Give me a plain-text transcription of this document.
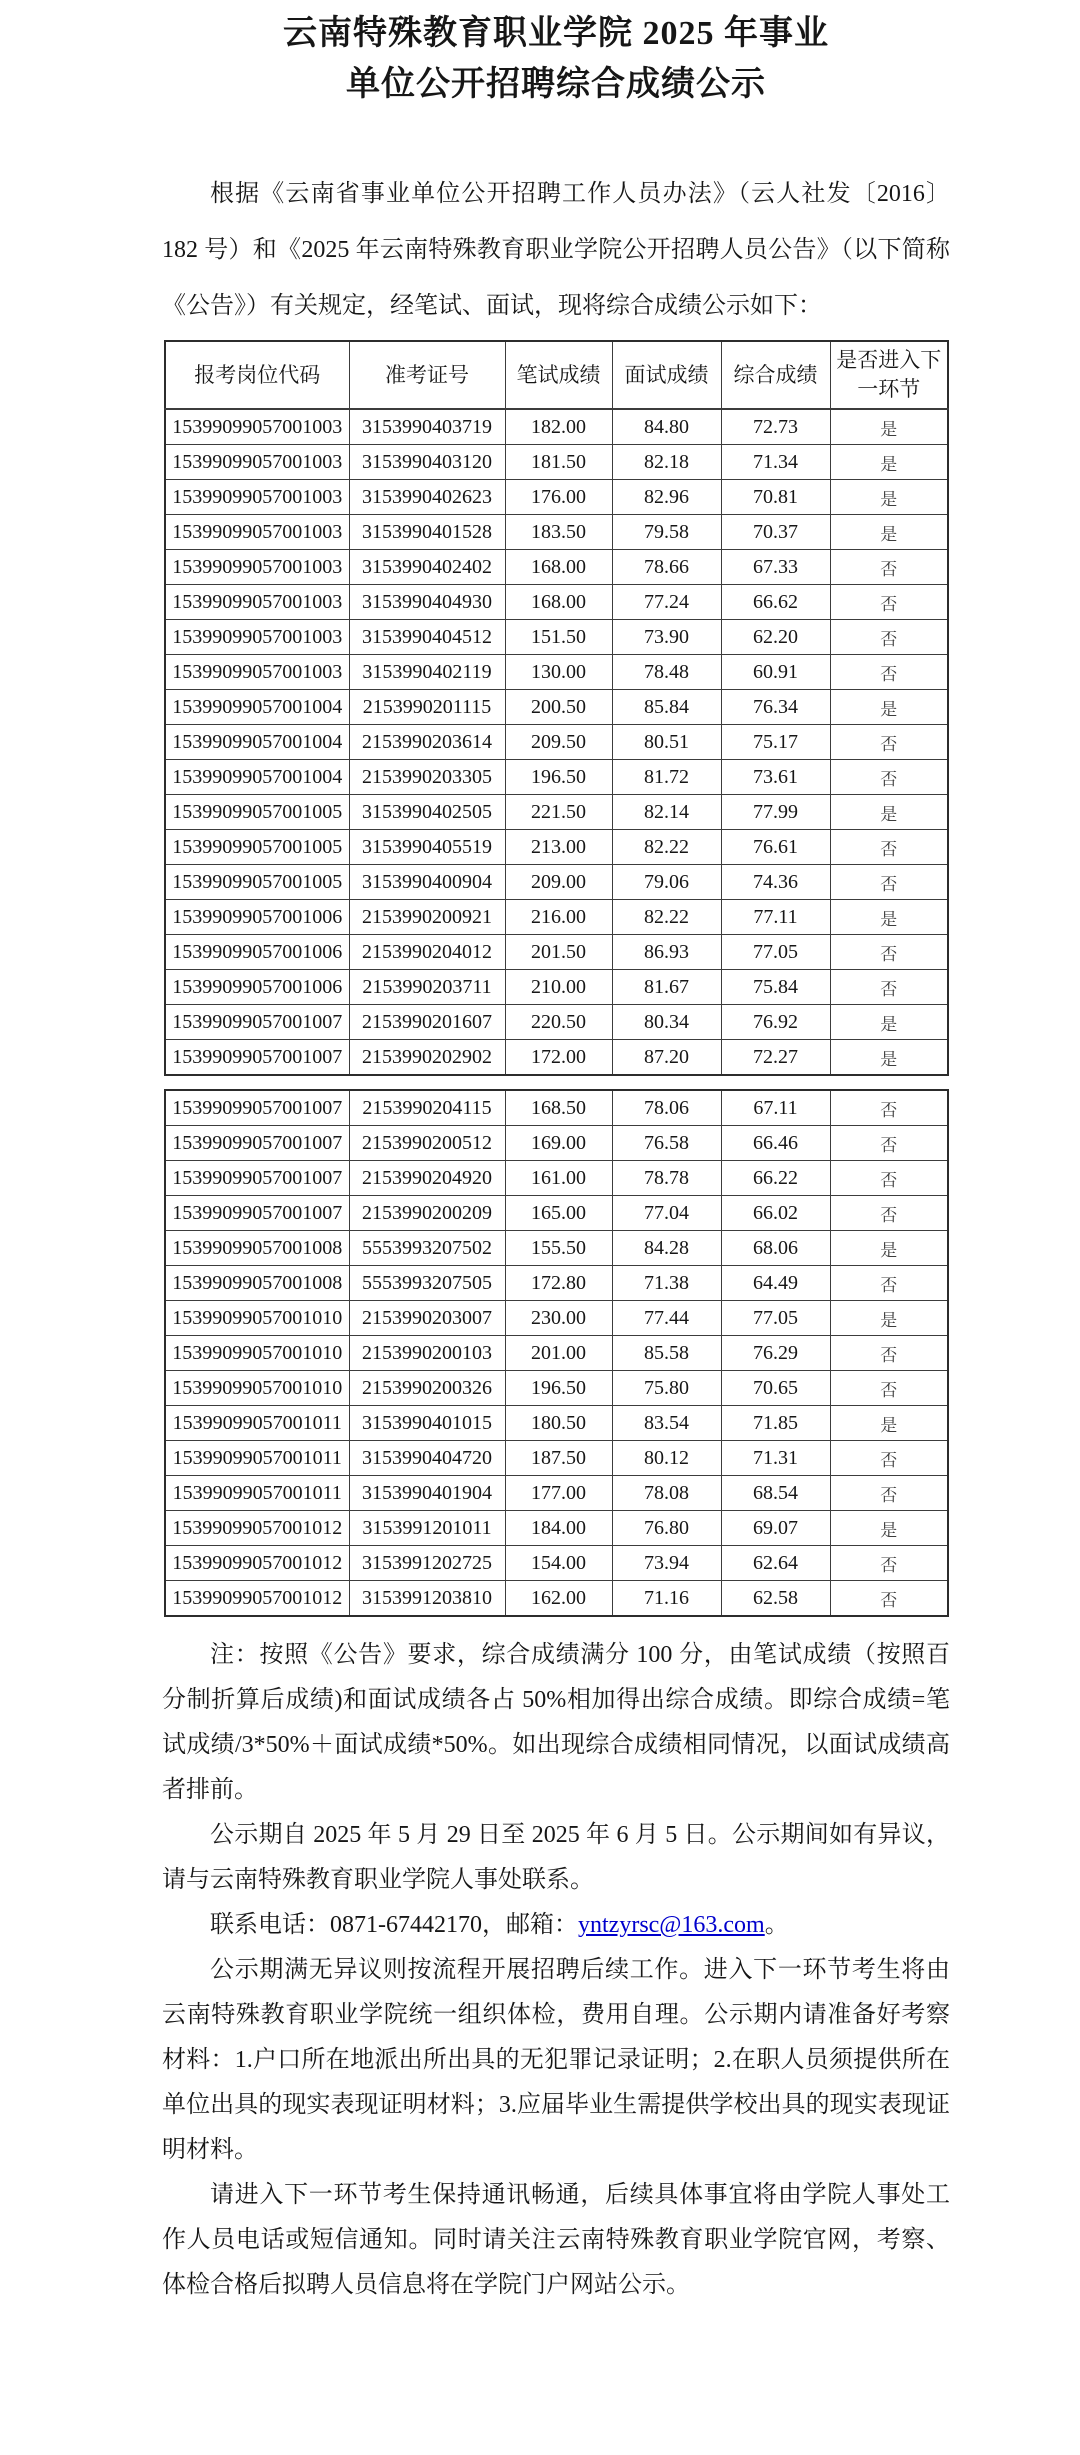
云南特殊教育职业学院 2025 年事业
单位公开招聘综合成绩公示

根据《云南省事业单位公开招聘工作人员办法》（云人社发〔2016〕182 号）和《2025 年云南特殊教育职业学院公开招聘人员公告》（以下简称《公告》）有关规定，经笔试、面试，现将综合成绩公示如下：

报考岗位代码	准考证号	笔试成绩	面试成绩	综合成绩	是否进入下一环节
15399099057001003	3153990403719	182.00	84.80	72.73	是
15399099057001003	3153990403120	181.50	82.18	71.34	是
15399099057001003	3153990402623	176.00	82.96	70.81	是
15399099057001003	3153990401528	183.50	79.58	70.37	是
15399099057001003	3153990402402	168.00	78.66	67.33	否
15399099057001003	3153990404930	168.00	77.24	66.62	否
15399099057001003	3153990404512	151.50	73.90	62.20	否
15399099057001003	3153990402119	130.00	78.48	60.91	否
15399099057001004	2153990201115	200.50	85.84	76.34	是
15399099057001004	2153990203614	209.50	80.51	75.17	否
15399099057001004	2153990203305	196.50	81.72	73.61	否
15399099057001005	3153990402505	221.50	82.14	77.99	是
15399099057001005	3153990405519	213.00	82.22	76.61	否
15399099057001005	3153990400904	209.00	79.06	74.36	否
15399099057001006	2153990200921	216.00	82.22	77.11	是
15399099057001006	2153990204012	201.50	86.93	77.05	否
15399099057001006	2153990203711	210.00	81.67	75.84	否
15399099057001007	2153990201607	220.50	80.34	76.92	是
15399099057001007	2153990202902	172.00	87.20	72.27	是
15399099057001007	2153990204115	168.50	78.06	67.11	否
15399099057001007	2153990200512	169.00	76.58	66.46	否
15399099057001007	2153990204920	161.00	78.78	66.22	否
15399099057001007	2153990200209	165.00	77.04	66.02	否
15399099057001008	5553993207502	155.50	84.28	68.06	是
15399099057001008	5553993207505	172.80	71.38	64.49	否
15399099057001010	2153990203007	230.00	77.44	77.05	是
15399099057001010	2153990200103	201.00	85.58	76.29	否
15399099057001010	2153990200326	196.50	75.80	70.65	否
15399099057001011	3153990401015	180.50	83.54	71.85	是
15399099057001011	3153990404720	187.50	80.12	71.31	否
15399099057001011	3153990401904	177.00	78.08	68.54	否
15399099057001012	3153991201011	184.00	76.80	69.07	是
15399099057001012	3153991202725	154.00	73.94	62.64	否
15399099057001012	3153991203810	162.00	71.16	62.58	否

注：按照《公告》要求，综合成绩满分 100 分，由笔试成绩（按照百分制折算后成绩)和面试成绩各占 50%相加得出综合成绩。即综合成绩=笔试成绩/3*50%＋面试成绩*50%。如出现综合成绩相同情况，以面试成绩高者排前。

公示期自 2025 年 5 月 29 日至 2025 年 6 月 5 日。公示期间如有异议，请与云南特殊教育职业学院人事处联系。

联系电话：0871-67442170，邮箱：yntzyrsc@163.com。

公示期满无异议则按流程开展招聘后续工作。进入下一环节考生将由云南特殊教育职业学院统一组织体检，费用自理。公示期内请准备好考察材料：1.户口所在地派出所出具的无犯罪记录证明；2.在职人员须提供所在单位出具的现实表现证明材料；3.应届毕业生需提供学校出具的现实表现证明材料。

请进入下一环节考生保持通讯畅通，后续具体事宜将由学院人事处工作人员电话或短信通知。同时请关注云南特殊教育职业学院官网，考察、体检合格后拟聘人员信息将在学院门户网站公示。
